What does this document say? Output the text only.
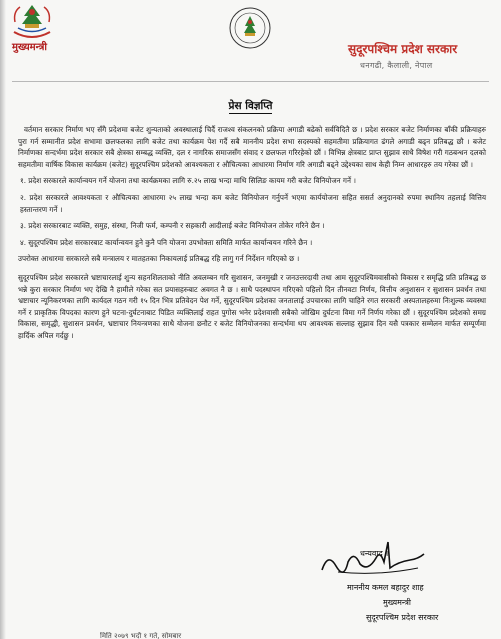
मुख्यमन्त्री	सुदूरपश्चिम प्रदेश सरकार
धनगढी, कैलाली, नेपाल
प्रेस विज्ञप्ति

वर्तमान सरकार निर्माण भए सँगै प्रदेशमा बजेट शुन्यताको अवस्थालाई चिर्दै राजश्व संकलनको प्रक्रिया अगाडी बढेको सर्वविदितै छ । प्रदेश सरकार बजेट निर्माणका बाँकी प्रक्रियाहरु पुरा गर्न सम्मानीत प्रदेश सभामा छलफलका लागि बजेट तथा कार्यक्रम पेश गर्दै सबै माननीय प्रदेश सभा सदस्यको सहमतीमा प्रक्रियागत ढंगले अगाडी बढ्न प्रतिबद्ध छौ । बजेट निर्माणका सन्दर्भमा प्रदेश सरकार सबै क्षेत्रका सम्बद्ध व्यक्ति, दल र नागरिक समाजसँग संवाद र छलफल गरिरहेको छौं । विभिन्न क्षेत्रबाट प्राप्त सुझाव साथै विषेश गरी गठबन्धन दलको सहमतीमा वार्षिक विकास कार्यक्रम (बजेट) सुदूरपश्चिम प्रदेशको आवश्यकता र औचित्यका आधारमा निर्माण गरि अगाडी बढ्ने उद्देश्यका साथ केही निम्न आधारहरु तय गरेका छौं ।

१. प्रदेश सरकारले कार्यान्वयन गर्ने योजना तथा कार्यक्रमका लागि रु.२५ लाख भन्दा माथि सिलिङ कायम गरी बजेट विनियोजन गर्ने ।

२. प्रदेश सरकारले आवश्यकता र औचित्यका आधारमा २५ लाख भन्दा कम बजेट विनियोजन गर्नुपर्ने भएमा कार्ययोजना सहित ससर्त अनुदानको रुपमा स्थानिय तहलाई वित्तिय हस्तान्तरण गर्ने ।

३. प्रदेश सरकारबाट व्यक्ति, समुह, संस्था, निजी फर्म, कम्पनी र सहकारी आदीलाई बजेट विनियोजन तोकेर गरिने छैन ।

४. सुदूरपश्चिम प्रदेश सरकारबाट कार्यान्वयन हुने कुनै पनि योजना उपभोक्ता समिति मार्फत कार्यान्वयन गरिने छैन ।

उपरोक्त आधारमा सरकारले सबै मन्त्रालय र मातहतका निकायलाई प्रतिबद्ध रहि लागु गर्न निर्देशन गरिएको छ ।

सुदूरपश्चिम प्रदेश सरकारले भ्रष्टाचारलाई शुन्य सहनशिलताको नीति अवलम्बन गरि सुशासन, जनमुखी र जनउत्तरदायी तथा आम सुदूरपश्चिमवासीको विकास र समृद्धि प्रति प्रतिबद्ध छ भन्ने कुरा सरकार निर्माण भए देखि नै हामीले गरेका सत प्रयासहरुबाट अवगत नै छ । साथै पदस्थापन गरिएको पहिलो दिन तीनवटा निर्णय, वित्तीय अनुशासन र सुशासन प्रवर्धन तथा भ्रष्टाचार न्यूनिकरणका लागि कार्यदल गठन गरी १५ दिन भित्र प्रतिवेदन पेश गर्ने, सुदूरपश्चिम प्रदेशका जनतालाई उपचारका लागि चाहिने रगत सरकारी अस्पतालहरुमा निःशुल्क व्यवस्था गर्ने र प्राकृतिक विपदका कारण हुने घटना-दुर्घटनाबाट पिडित व्यक्तिलाई राहत पुगोस भनेर प्रदेशवासी सबैको जोखिम दुर्घटना विमा गर्ने निर्णय गरेका छौं । सुदूरपश्चिम प्रदेशको समग्र विकास, समृद्धी, सुशासन प्रवर्धन, भ्रष्टाचार नियन्त्रणका साथै योजना छनौट र बजेट विनियोजनका सन्दर्भमा थप आवश्यक सल्लाह सुझाव दिन यसै पत्रकार सम्मेलन मार्फत सम्पूर्णमा हार्दिक अपिल गर्दछु ।

धन्यवाद ।
माननीय कमल बहादुर शाह
मुख्यमन्त्री
सुदूरपश्चिम प्रदेश सरकार
मिति २०७९ भदौ १ गते, सोमबार
